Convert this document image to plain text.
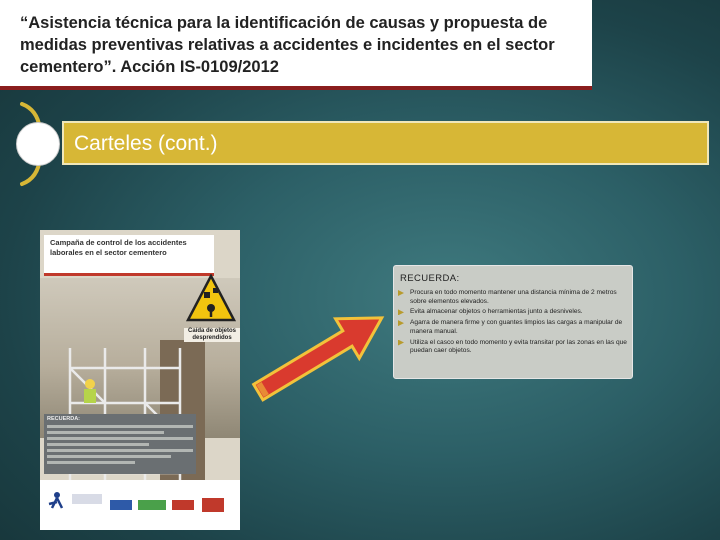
“Asistencia técnica para la identificación de causas y propuesta de medidas preventivas relativas a accidentes e incidentes en el sector cementero”. Acción IS-0109/2012
Carteles (cont.)
Campaña de control de los accidentes laborales en el sector cementero
Caída de objetos desprendidos
RECUERDA:
RECUERDA:
Procura en todo momento mantener una distancia mínima de 2 metros sobre elementos elevados.
Evita almacenar objetos o herramientas junto a desniveles.
Agarra de manera firme y con guantes limpios las cargas a manipular de manera manual.
Utiliza el casco en todo momento y evita transitar por las zonas en las que puedan caer objetos.
